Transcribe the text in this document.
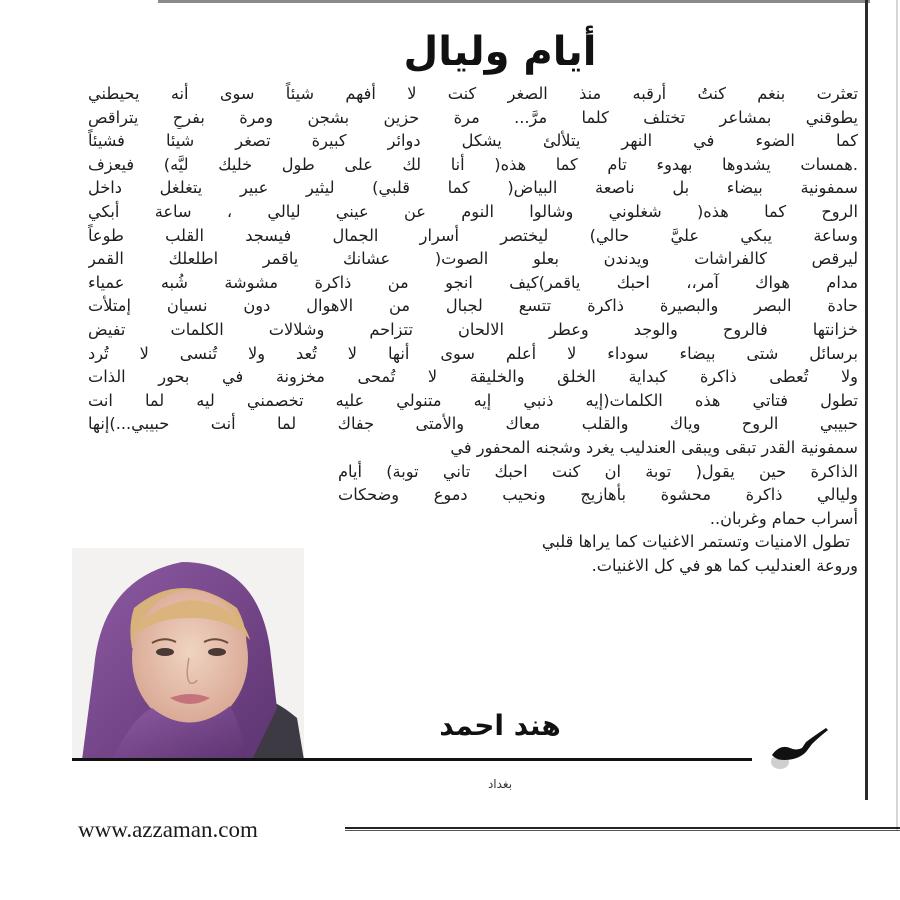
أيام وليال
تعثرت بنغم كنتُ أرقبه منذ الصغر كنت لا أفهم شيئاً سوى أنه يحيطني
يطوقني بمشاعر تختلف كلما مرَّ... مرة حزين بشجن ومرة بفرحٍ يتراقص
كما الضوء في النهر يتلألئ يشكل دوائر كبيرة تصغر شيئا فشيئاً
.همسات يشدوها بهدوء تام كما هذه( أنا لك على طول خليك ليَّه) فيعزف
سمفونية بيضاء بل ناصعة البياض( كما قلبي) ليثير عبير يتغلغل داخل
الروح كما هذه( شغلوني وشالوا النوم عن عيني ليالي ، ساعة أبكي
وساعة يبكي عليَّ حالي) ليختصر أسرار الجمال فيسجد القلب طوعاً
ليرقص كالفراشات ويدندن بعلو الصوت( عشانك ياقمر اطلعلك القمر
مدام هواك آمر،، احبك ياقمر)كيف انجو من ذاكرة مشوشة شُبه عمياء
حادة البصر والبصيرة ذاكرة تتسع لجبال من الاهوال دون نسيان إمتلأت
خزانتها فالروح والوجد وعطر الالحان تتزاحم وشلالات الكلمات تفيض
برسائل شتى بيضاء سوداء لا أعلم سوى أنها لا تُعد ولا تُنسى لا تُرد
ولا تُعطى ذاكرة كبداية الخلق والخليقة لا تُمحى مخزونة في بحور الذات
تطول فتاتي هذه الكلمات(إيه ذنبي إيه متنولي عليه تخصمني ليه لما انت
حبيبي الروح وياك والقلب معاك والأمتى جفاك لما أنت حبيبي...)إنها
سمفونية القدر تبقى ويبقى العندليب يغرد وشجنه المحفور في
الذاكرة حين يقول( توبة ان كنت احبك تاني توبة) أيام
وليالي ذاكرة محشوة بأهازيج ونحيب دموع وضحكات
أسراب حمام وغربان..
تطول الامنيات وتستمر الاغنيات كما يراها قلبي
وروعة العندليب كما هو في كل الاغنيات.
هند احمد
بغداد
www.azzaman.com
